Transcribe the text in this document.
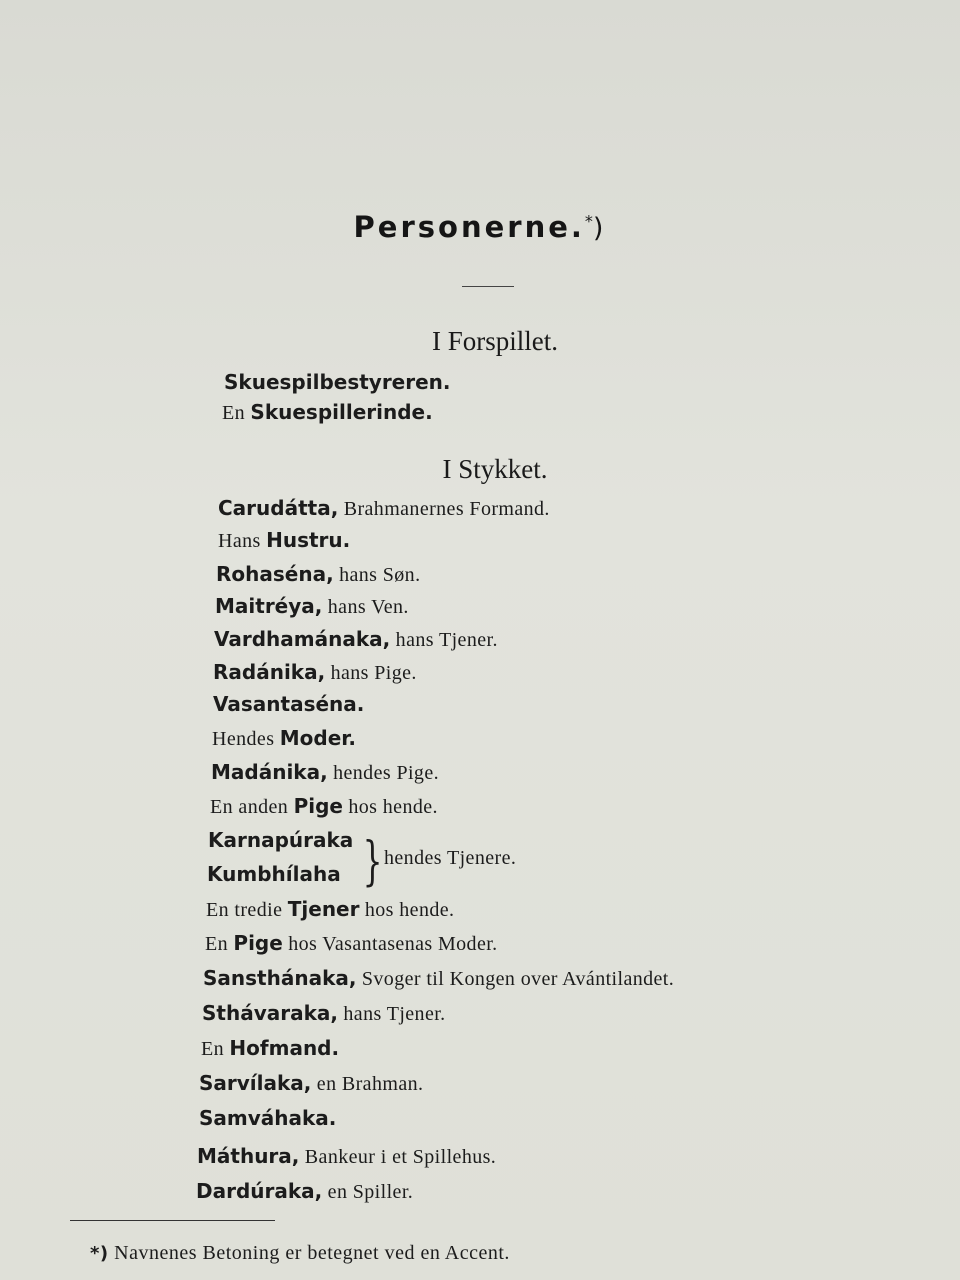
Personerne.*)
I Forspillet.
Skuespilbestyreren.
En Skuespillerinde.
I Stykket.
Carudátta, Brahmanernes Formand.
Hans Hustru.
Rohaséna, hans Søn.
Maitréya, hans Ven.
Vardhamánaka, hans Tjener.
Radánika, hans Pige.
Vasantaséna.
Hendes Moder.
Madánika, hendes Pige.
En anden Pige hos hende.
Karnapúraka
Kumbhílaha } hendes Tjenere.
En tredie Tjener hos hende.
En Pige hos Vasantasenas Moder.
Sansthánaka, Svoger til Kongen over Avántilandet.
Sthávaraka, hans Tjener.
En Hofmand.
Sarvílaka, en Brahman.
Samváhaka.
Máthura, Bankeur i et Spillehus.
Dardúraka, en Spiller.
*) Navnenes Betoning er betegnet ved en Accent.
